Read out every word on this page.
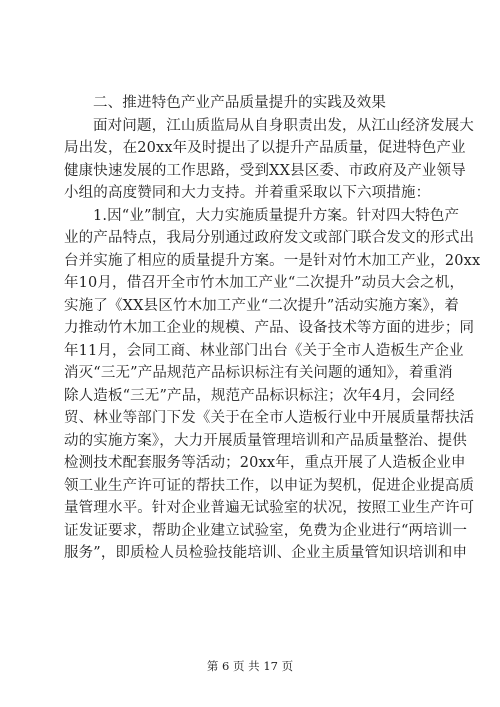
二、推进特色产业产品质量提升的实践及效果
面对问题，江山质监局从自身职责出发，从江山经济发展大
局出发，在20xx年及时提出了以提升产品质量，促进特色产业
健康快速发展的工作思路，受到XX县区委、市政府及产业领导
小组的高度赞同和大力支持。并着重采取以下六项措施：
1.因“业”制宜，大力实施质量提升方案。针对四大特色产
业的产品特点，我局分别通过政府发文或部门联合发文的形式出
台并实施了相应的质量提升方案。一是针对竹木加工产业，20xx
年10月，借召开全市竹木加工产业“二次提升”动员大会之机，
实施了《XX县区竹木加工产业“二次提升”活动实施方案》，着
力推动竹木加工企业的规模、产品、设备技术等方面的进步；同
年11月，会同工商、林业部门出台《关于全市人造板生产企业
消灭“三无”产品规范产品标识标注有关问题的通知》，着重消
除人造板“三无”产品，规范产品标识标注；次年4月，会同经
贸、林业等部门下发《关于在全市人造板行业中开展质量帮扶活
动的实施方案》，大力开展质量管理培训和产品质量整治、提供
检测技术配套服务等活动；20xx年，重点开展了人造板企业申
领工业生产许可证的帮扶工作，以申证为契机，促进企业提高质
量管理水平。针对企业普遍无试验室的状况，按照工业生产许可
证发证要求，帮助企业建立试验室，免费为企业进行“两培训一
服务”，即质检人员检验技能培训、企业主质量管知识培训和申
第 6 页 共 17 页
